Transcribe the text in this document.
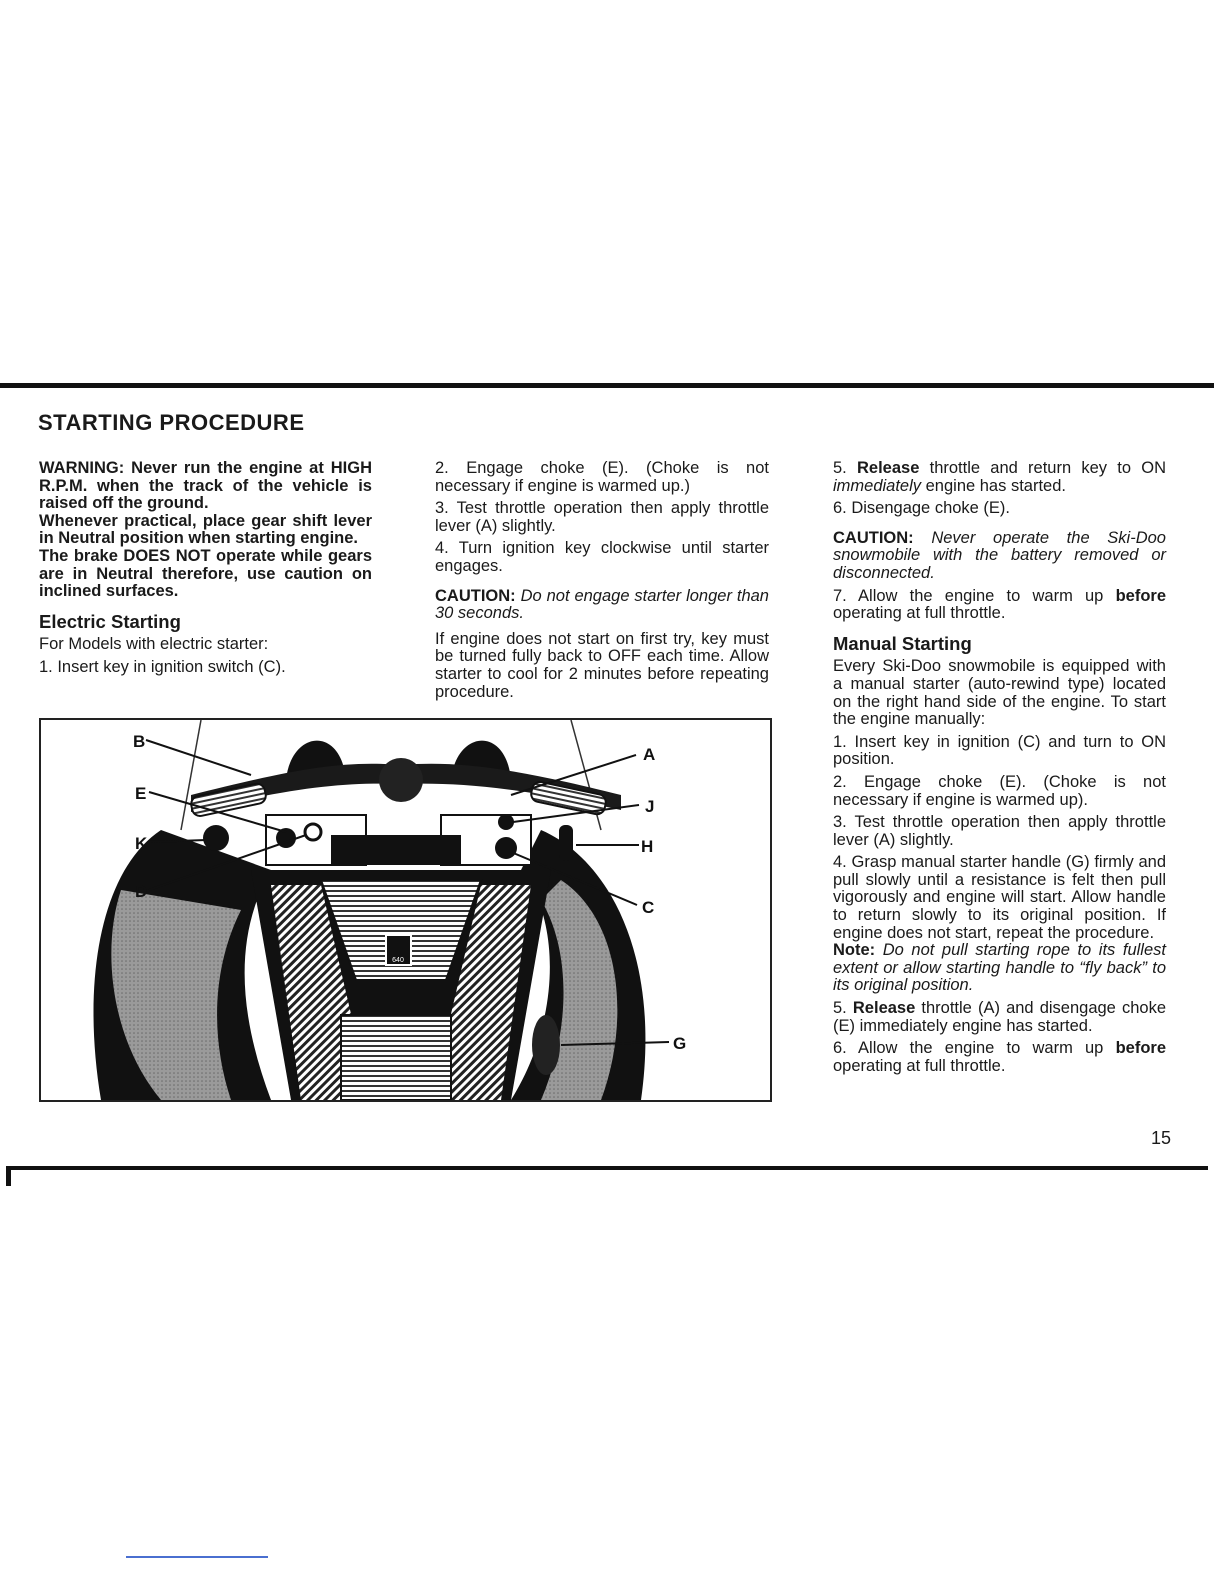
STARTING PROCEDURE

WARNING: Never run the engine at HIGH R.P.M. when the track of the vehicle is raised off the ground.

Whenever practical, place gear shift lever in Neutral position when starting engine.

The brake DOES NOT operate while gears are in Neutral therefore, use caution on inclined surfaces.

Electric Starting

For Models with electric starter:

1. Insert key in ignition switch (C).

2. Engage choke (E). (Choke is not necessary if engine is warmed up.)

3. Test throttle operation then apply throttle lever (A) slightly.

4. Turn ignition key clockwise until starter engages.

CAUTION: Do not engage starter longer than 30 seconds.

If engine does not start on first try, key must be turned fully back to OFF each time. Allow starter to cool for 2 minutes before repeating procedure.

5. Release throttle and return key to ON immediately engine has started.

6. Disengage choke (E).

CAUTION: Never operate the Ski-Doo snowmobile with the battery removed or disconnected.

7. Allow the engine to warm up before operating at full throttle.

Manual Starting

Every Ski-Doo snowmobile is equipped with a manual starter (auto-rewind type) located on the right hand side of the engine. To start the engine manually:

1. Insert key in ignition (C) and turn to ON position.

2. Engage choke (E). (Choke is not necessary if engine is warmed up).

3. Test throttle operation then apply throttle lever (A) slightly.

4. Grasp manual starter handle (G) firmly and pull slowly until a resistance is felt then pull vigorously and engine will start. Allow handle to return slowly to its original position. If engine does not start, repeat the procedure.

Note: Do not pull starting rope to its fullest extent or allow starting handle to “fly back” to its original position.

5. Release throttle (A) and disengage choke (E) immediately engine has started.

6. Allow the engine to warm up before operating at full throttle.

640
B
E
K
D
A
J
H
C
G
15
